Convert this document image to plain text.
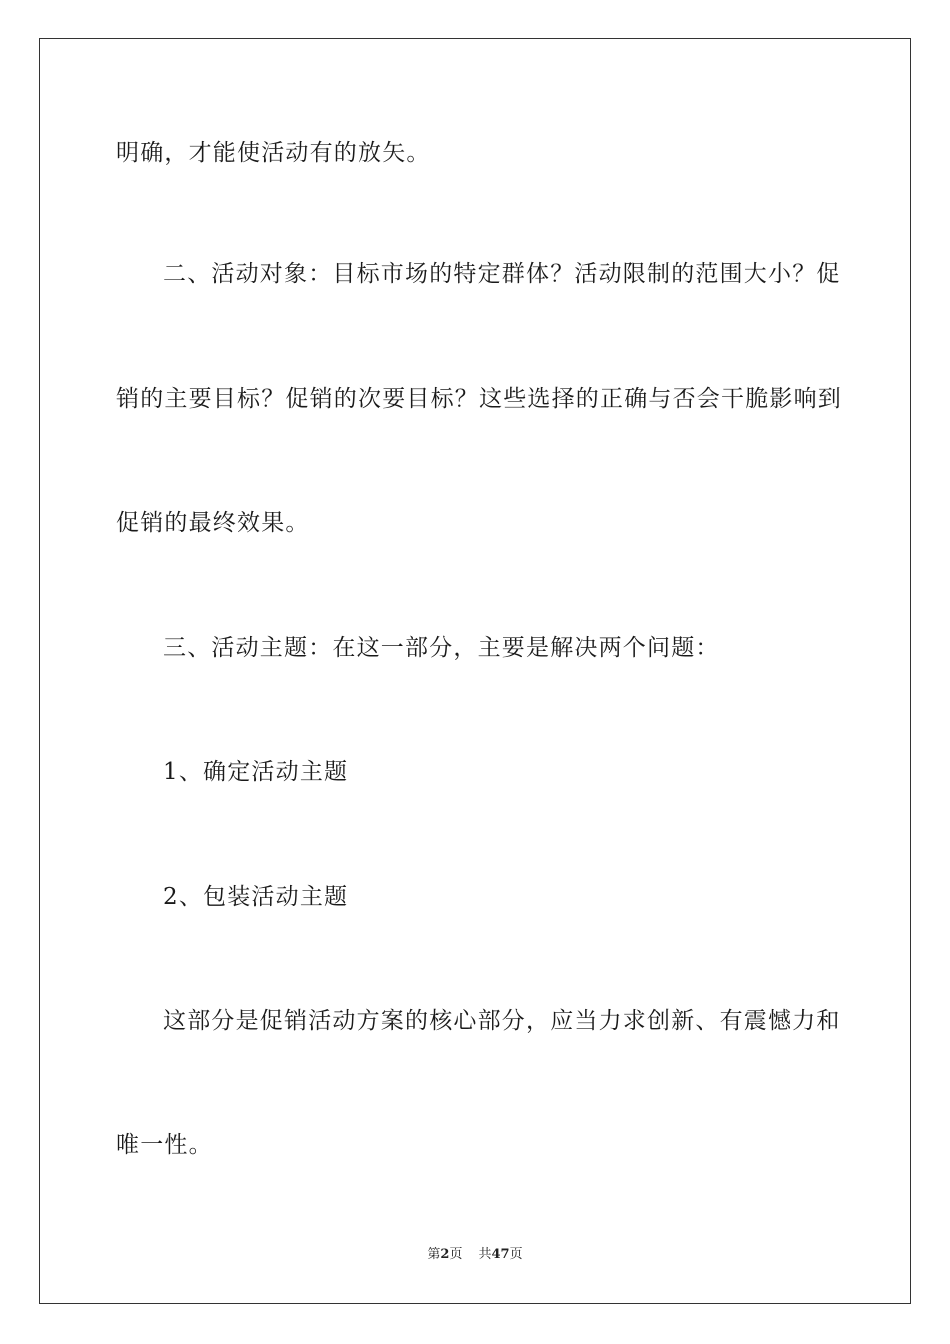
明确，才能使活动有的放矢。
二、活动对象：目标市场的特定群体？活动限制的范围大小？促
销的主要目标？促销的次要目标？这些选择的正确与否会干脆影响到
促销的最终效果。
三、活动主题：在这一部分，主要是解决两个问题：
1、确定活动主题
2、包装活动主题
这部分是促销活动方案的核心部分，应当力求创新、有震憾力和
唯一性。
第2页 共47页
